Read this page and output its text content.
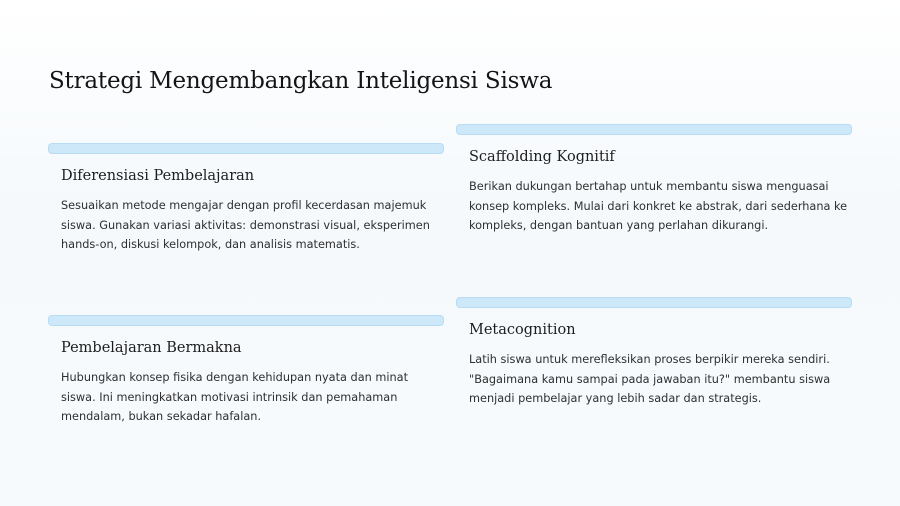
Strategi Mengembangkan Inteligensi Siswa
Diferensiasi Pembelajaran
Sesuaikan metode mengajar dengan profil kecerdasan majemuk siswa. Gunakan variasi aktivitas: demonstrasi visual, eksperimen hands-on, diskusi kelompok, dan analisis matematis.
Scaffolding Kognitif
Berikan dukungan bertahap untuk membantu siswa menguasai konsep kompleks. Mulai dari konkret ke abstrak, dari sederhana ke kompleks, dengan bantuan yang perlahan dikurangi.
Pembelajaran Bermakna
Hubungkan konsep fisika dengan kehidupan nyata dan minat siswa. Ini meningkatkan motivasi intrinsik dan pemahaman mendalam, bukan sekadar hafalan.
Metacognition
Latih siswa untuk merefleksikan proses berpikir mereka sendiri. "Bagaimana kamu sampai pada jawaban itu?" membantu siswa menjadi pembelajar yang lebih sadar dan strategis.
